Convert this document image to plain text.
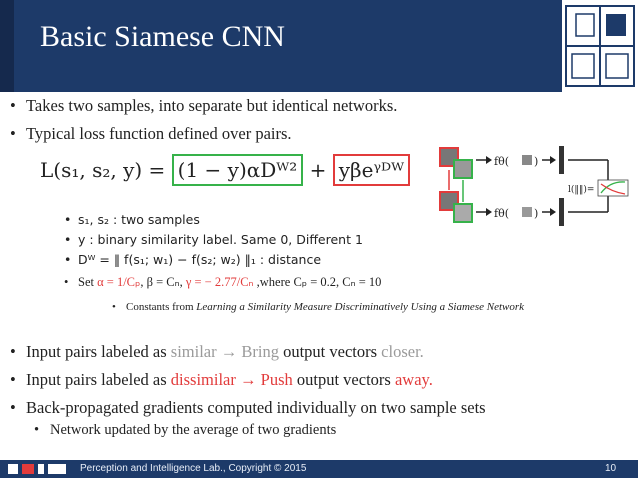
Basic Siamese CNN
• Takes two samples, into separate but identical networks.
• Typical loss function defined over pairs.
L(s₁, s₂, y) = (1 − y)αDᵂ² + yβeᵞᴰᵂ
• s₁, s₂ : two samples
• y : binary similarity label. Same 0, Different 1
• Dᵂ = ‖ f(s₁; w₁) − f(s₂; w₂) ‖₁ : distance
• Set α = 1/Cₚ, β = Cₙ, γ = − 2.77/Cₙ ,where Cₚ = 0.2, Cₙ = 10
• Constants from Learning a Similarity Measure Discriminatively Using a Siamese Network
• Input pairs labeled as similar → Bring output vectors closer.
• Input pairs labeled as dissimilar → Push output vectors away.
• Back-propagated gradients computed individually on two sample sets
• Network updated by the average of two gradients
fθ(
fθ(
)
)
l(‖‖)=
Perception and Intelligence Lab., Copyright © 2015	10
